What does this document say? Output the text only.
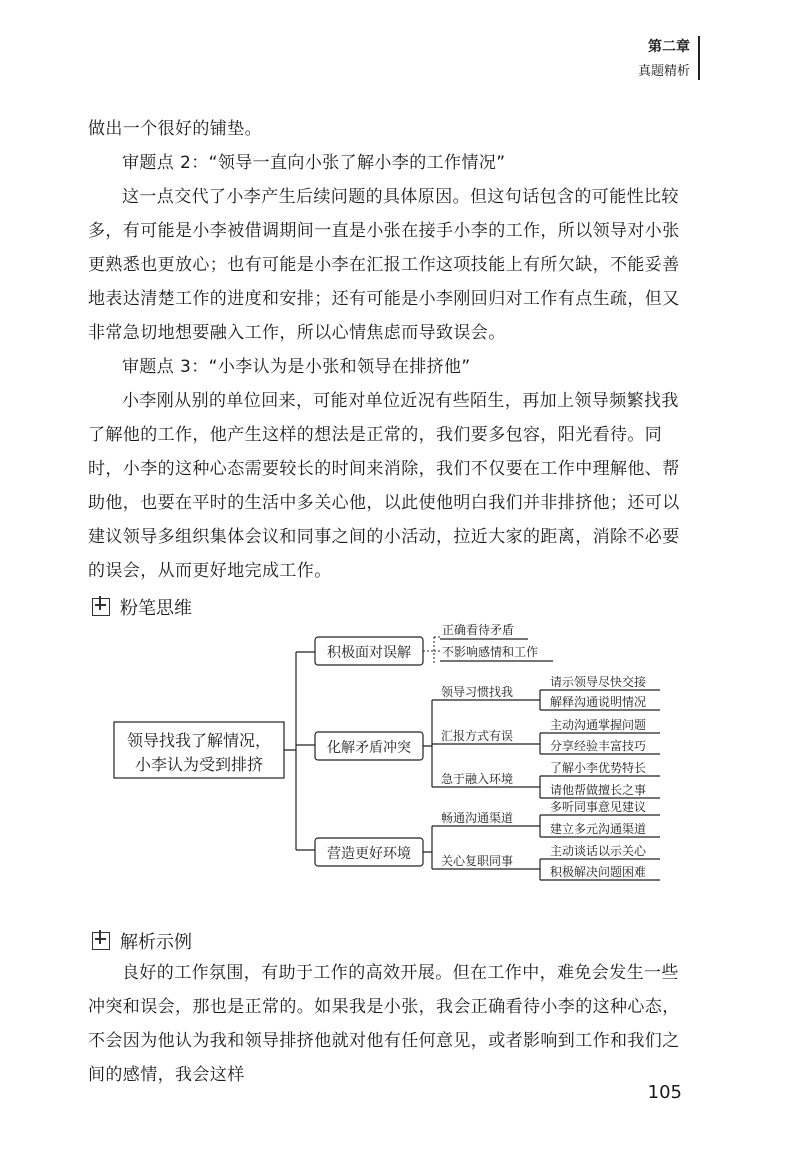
第二章
真题精析

做出一个很好的铺垫。

审题点 2：“领导一直向小张了解小李的工作情况”

这一点交代了小李产生后续问题的具体原因。但这句话包含的可能性比较多，有可能是小李被借调期间一直是小张在接手小李的工作，所以领导对小张更熟悉也更放心；也有可能是小李在汇报工作这项技能上有所欠缺，不能妥善地表达清楚工作的进度和安排；还有可能是小李刚回归对工作有点生疏，但又非常急切地想要融入工作，所以心情焦虑而导致误会。

审题点 3：“小李认为是小张和领导在排挤他”

小李刚从别的单位回来，可能对单位近况有些陌生，再加上领导频繁找我了解他的工作，他产生这样的想法是正常的，我们要多包容，阳光看待。同时，小李的这种心态需要较长的时间来消除，我们不仅要在工作中理解他、帮助他，也要在平时的生活中多关心他，以此使他明白我们并非排挤他；还可以建议领导多组织集体会议和同事之间的小活动，拉近大家的距离，消除不必要的误会，从而更好地完成工作。

粉笔思维
领导找我了解情况，
小李认为受到排挤
积极面对误解
正确看待矛盾
不影响感情和工作
化解矛盾冲突
领导习惯找我
汇报方式有误
急于融入环境
请示领导尽快交接
解释沟通说明情况
主动沟通掌握问题
分享经验丰富技巧
了解小李优势特长
请他帮做擅长之事
营造更好环境
畅通沟通渠道
关心复职同事
多听同事意见建议
建立多元沟通渠道
主动谈话以示关心
积极解决问题困难
解析示例

良好的工作氛围，有助于工作的高效开展。但在工作中，难免会发生一些冲突和误会，那也是正常的。如果我是小张，我会正确看待小李的这种心态，不会因为他认为我和领导排挤他就对他有任何意见，或者影响到工作和我们之间的感情，我会这样

105
